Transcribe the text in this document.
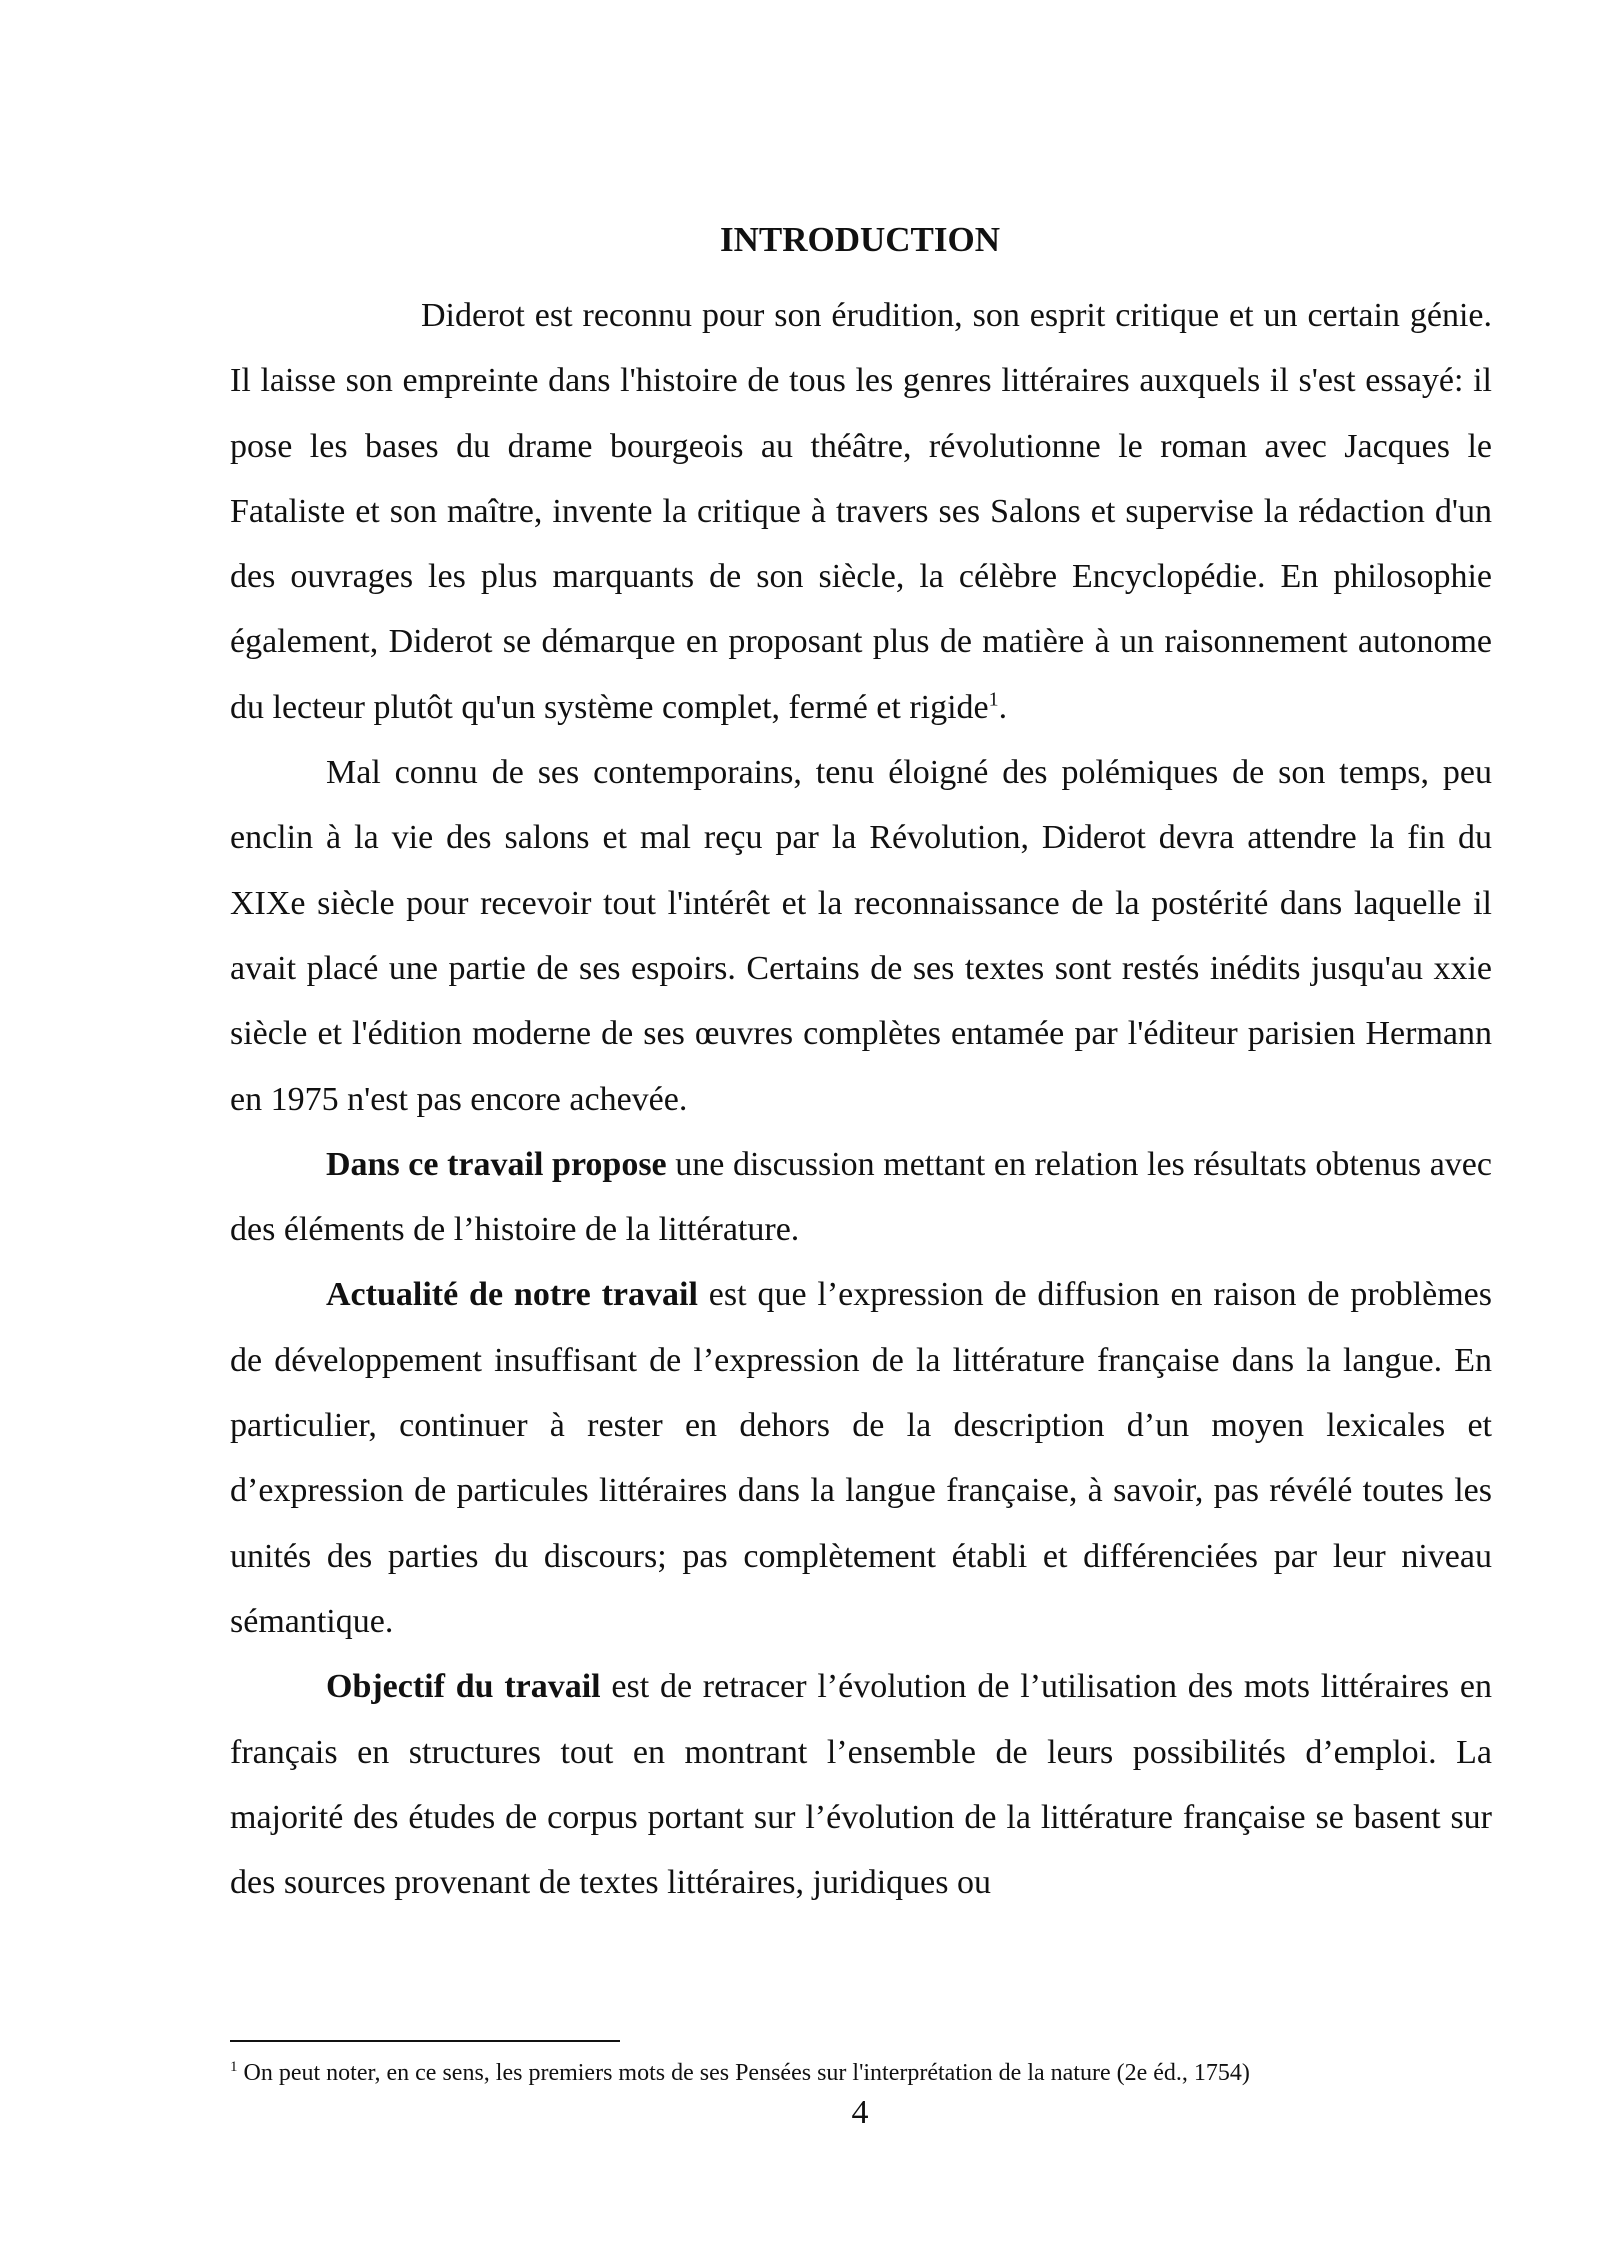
INTRODUCTION

Diderot est reconnu pour son érudition, son esprit critique et un certain génie. Il laisse son empreinte dans l'histoire de tous les genres littéraires auxquels il s'est essayé: il pose les bases du drame bourgeois au théâtre, révolutionne le roman avec Jacques le Fataliste et son maître, invente la critique à travers ses Salons et supervise la rédaction d'un des ouvrages les plus marquants de son siècle, la célèbre Encyclopédie. En philosophie également, Diderot se démarque en proposant plus de matière à un raisonnement autonome du lecteur plutôt qu'un système complet, fermé et rigide$^1$.

Mal connu de ses contemporains, tenu éloigné des polémiques de son temps, peu enclin à la vie des salons et mal reçu par la Révolution, Diderot devra attendre la fin du XIXe siècle pour recevoir tout l'intérêt et la reconnaissance de la postérité dans laquelle il avait placé une partie de ses espoirs. Certains de ses textes sont restés inédits jusqu'au xxie siècle et l'édition moderne de ses œuvres complètes entamée par l'éditeur parisien Hermann en 1975 n'est pas encore achevée.

Dans ce travail propose une discussion mettant en relation les résultats obtenus avec des éléments de l’histoire de la littérature.

Actualité de notre travail est que l’expression de diffusion en raison de problèmes de développement insuffisant de l’expression de la littérature française dans la langue. En particulier, continuer à rester en dehors de la description d’un moyen lexicales et d’expression de particules littéraires dans la langue française, à savoir, pas révélé toutes les unités des parties du discours; pas complètement établi et différenciées par leur niveau sémantique.

Objectif du travail est de retracer l’évolution de l’utilisation des mots littéraires en français en structures tout en montrant l’ensemble de leurs possibilités d’emploi. La majorité des études de corpus portant sur l’évolution de la littérature française se basent sur des sources provenant de textes littéraires, juridiques ou

$^1$ On peut noter, en ce sens, les premiers mots de ses Pensées sur l'interprétation de la nature (2e éd., 1754)
4
